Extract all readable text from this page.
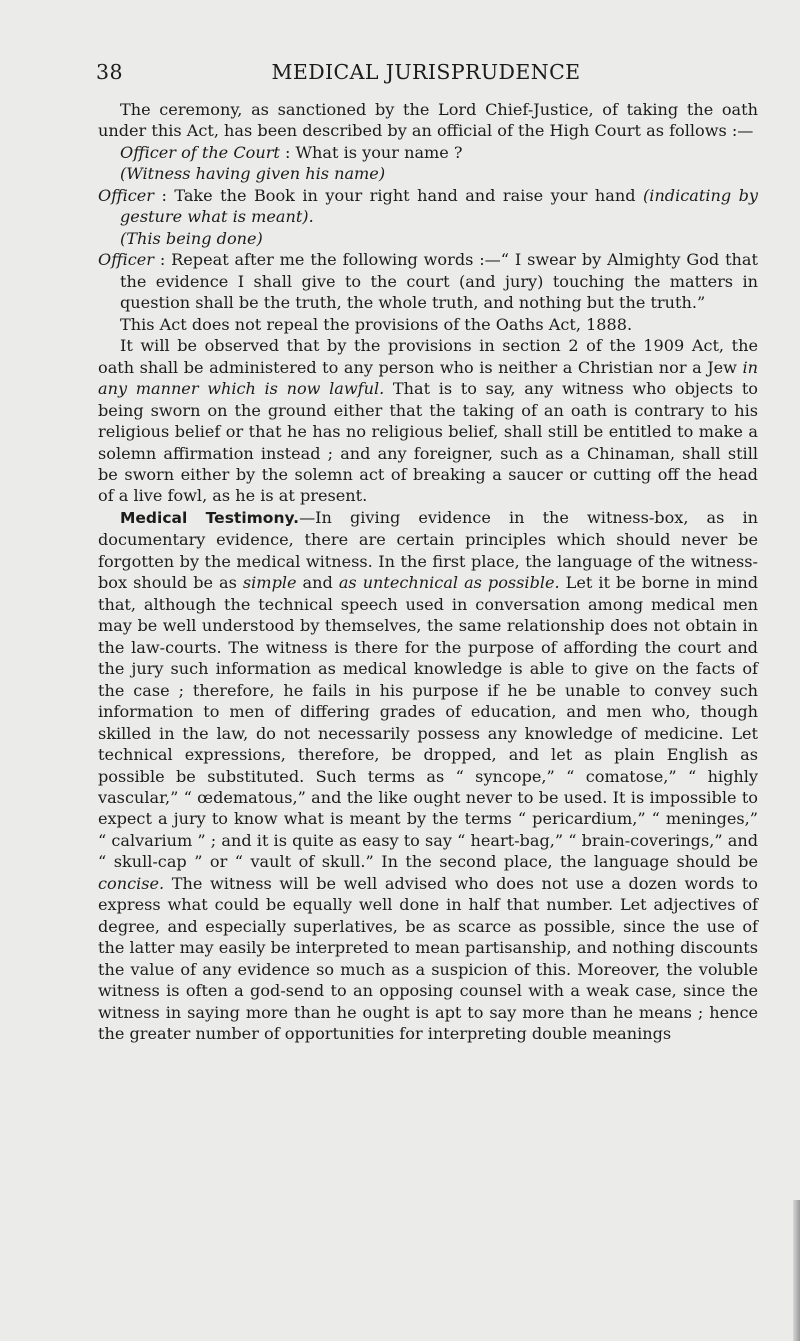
38	MEDICAL JURISPRUDENCE

The ceremony, as sanctioned by the Lord Chief-Justice, of taking the oath under this Act, has been described by an official of the High Court as follows :—

Officer of the Court : What is your name ?

(Witness having given his name)

Officer : Take the Book in your right hand and raise your hand (indicating by gesture what is meant).

(This being done)

Officer : Repeat after me the following words :—“ I swear by Almighty God that the evidence I shall give to the court (and jury) touching the matters in question shall be the truth, the whole truth, and nothing but the truth.”

This Act does not repeal the provisions of the Oaths Act, 1888.

It will be observed that by the provisions in section 2 of the 1909 Act, the oath shall be administered to any person who is neither a Christian nor a Jew in any manner which is now lawful. That is to say, any witness who objects to being sworn on the ground either that the taking of an oath is contrary to his religious belief or that he has no religious belief, shall still be entitled to make a solemn affirmation instead ; and any foreigner, such as a Chinaman, shall still be sworn either by the solemn act of breaking a saucer or cutting off the head of a live fowl, as he is at present.

Medical Testimony.—In giving evidence in the witness-box, as in documentary evidence, there are certain principles which should never be forgotten by the medical witness. In the first place, the language of the witness-box should be as simple and as untechnical as possible. Let it be borne in mind that, although the technical speech used in conversation among medical men may be well understood by themselves, the same relationship does not obtain in the law-courts. The witness is there for the purpose of affording the court and the jury such information as medical knowledge is able to give on the facts of the case ; therefore, he fails in his purpose if he be unable to convey such information to men of differing grades of education, and men who, though skilled in the law, do not necessarily possess any knowledge of medicine. Let technical expressions, therefore, be dropped, and let as plain English as possible be substituted. Such terms as “ syncope,” “ comatose,” “ highly vascular,” “ œdematous,” and the like ought never to be used. It is impossible to expect a jury to know what is meant by the terms “ pericardium,” “ meninges,” “ calvarium ” ; and it is quite as easy to say “ heart-bag,” “ brain-coverings,” and “ skull-cap ” or “ vault of skull.” In the second place, the language should be concise. The witness will be well advised who does not use a dozen words to express what could be equally well done in half that number. Let adjectives of degree, and especially superlatives, be as scarce as possible, since the use of the latter may easily be interpreted to mean partisanship, and nothing discounts the value of any evidence so much as a suspicion of this. Moreover, the voluble witness is often a god-send to an opposing counsel with a weak case, since the witness in saying more than he ought is apt to say more than he means ; hence the greater number of opportunities for interpreting double meanings
